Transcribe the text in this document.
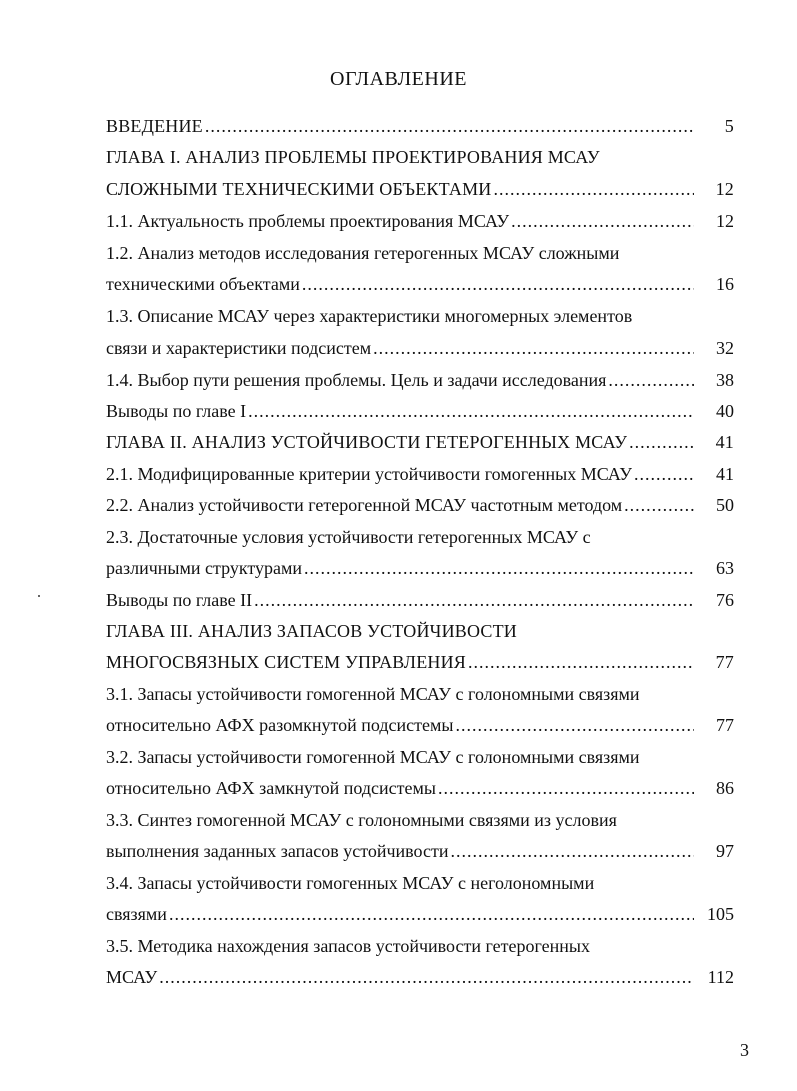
ОГЛАВЛЕНИЕ
ВВЕДЕНИЕ .....	5
ГЛАВА I. АНАЛИЗ ПРОБЛЕМЫ ПРОЕКТИРОВАНИЯ МСАУ
СЛОЖНЫМИ ТЕХНИЧЕСКИМИ ОБЪЕКТАМИ .....	12
1.1. Актуальность проблемы проектирования МСАУ .....	12
1.2. Анализ методов исследования гетерогенных МСАУ сложными
техническими объектами .....	16
1.3. Описание МСАУ через характеристики многомерных элементов
связи и характеристики подсистем .....	32
1.4. Выбор пути решения проблемы. Цель и задачи исследования .....	38
Выводы по главе I .....	40
ГЛАВА II. АНАЛИЗ УСТОЙЧИВОСТИ ГЕТЕРОГЕННЫХ МСАУ .....	41
2.1. Модифицированные критерии устойчивости гомогенных МСАУ .....	41
2.2. Анализ устойчивости гетерогенной МСАУ частотным методом .....	50
2.3. Достаточные условия устойчивости гетерогенных МСАУ с
различными структурами .....	63
Выводы по главе II .....	76
ГЛАВА III. АНАЛИЗ ЗАПАСОВ УСТОЙЧИВОСТИ
МНОГОСВЯЗНЫХ СИСТЕМ УПРАВЛЕНИЯ .....	77
3.1. Запасы устойчивости гомогенной МСАУ с голономными связями
относительно АФХ разомкнутой подсистемы .....	77
3.2. Запасы устойчивости гомогенной МСАУ с голономными связями
относительно АФХ замкнутой подсистемы .....	86
3.3. Синтез гомогенной МСАУ с голономными связями из условия
выполнения заданных запасов устойчивости .....	97
3.4. Запасы устойчивости гомогенных МСАУ с неголономными
связями .....	105
3.5. Методика нахождения запасов устойчивости гетерогенных
МСАУ .....	112
3
